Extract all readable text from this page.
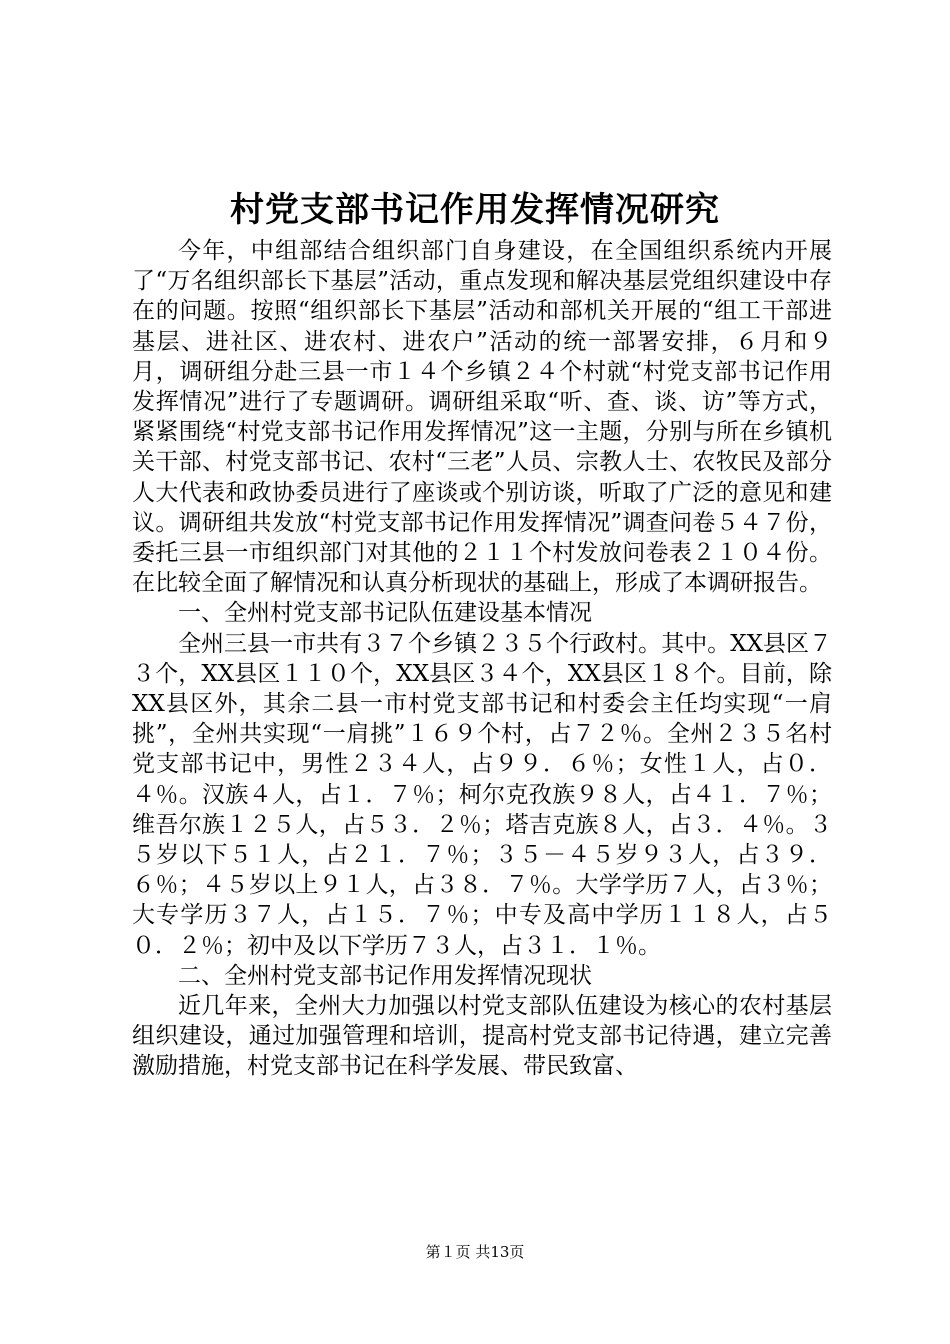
村党支部书记作用发挥情况研究

今年，中组部结合组织部门自身建设，在全国组织系统内开展了“万名组织部长下基层”活动，重点发现和解决基层党组织建设中存在的问题。按照“组织部长下基层”活动和部机关开展的“组工干部进基层、进社区、进农村、进农户”活动的统一部署安排，６月和９月，调研组分赴三县一市１４个乡镇２４个村就“村党支部书记作用发挥情况”进行了专题调研。调研组采取“听、查、谈、访”等方式，紧紧围绕“村党支部书记作用发挥情况”这一主题，分别与所在乡镇机关干部、村党支部书记、农村“三老”人员、宗教人士、农牧民及部分人大代表和政协委员进行了座谈或个别访谈，听取了广泛的意见和建议。调研组共发放“村党支部书记作用发挥情况”调查问卷５４７份，委托三县一市组织部门对其他的２１１个村发放问卷表２１０４份。在比较全面了解情况和认真分析现状的基础上，形成了本调研报告。

一、全州村党支部书记队伍建设基本情况

全州三县一市共有３７个乡镇２３５个行政村。其中。XX县区７３个，XX县区１１０个，XX县区３４个，XX县区１８个。目前，除XX县区外，其余二县一市村党支部书记和村委会主任均实现“一肩挑”，全州共实现“一肩挑”１６９个村，占７２％。全州２３５名村党支部书记中，男性２３４人，占９９．６％；女性１人，占０．４％。汉族４人，占１．７％；柯尔克孜族９８人，占４１．７％；维吾尔族１２５人，占５３．２％；塔吉克族８人，占３．４％。３５岁以下５１人，占２１．７％；３５－４５岁９３人，占３９．６％；４５岁以上９１人，占３８．７％。大学学历７人，占３％；大专学历３７人，占１５．７％；中专及高中学历１１８人，占５０．２％；初中及以下学历７３人，占３１．１％。

二、全州村党支部书记作用发挥情况现状

近几年来，全州大力加强以村党支部队伍建设为核心的农村基层组织建设，通过加强管理和培训，提高村党支部书记待遇，建立完善激励措施，村党支部书记在科学发展、带民致富、

第１页 共13页
